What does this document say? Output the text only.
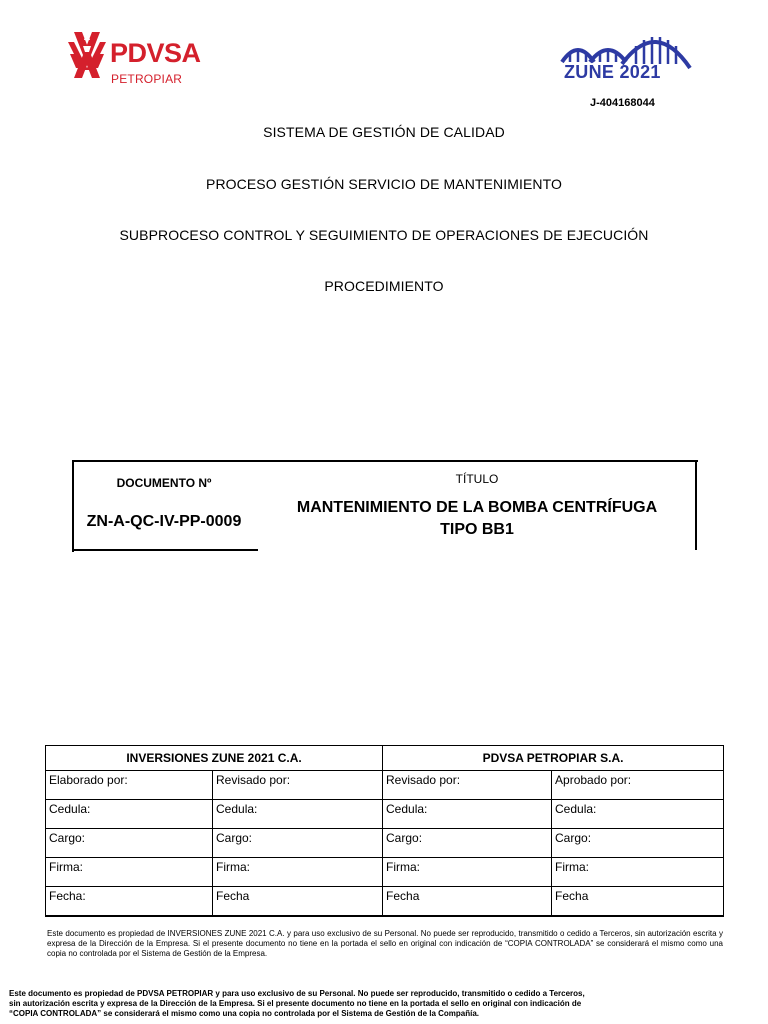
PDVSA
PETROPIAR	ZUNE 2021
J-404168044
SISTEMA DE GESTIÓN DE CALIDAD
PROCESO GESTIÓN SERVICIO DE MANTENIMIENTO
SUBPROCESO CONTROL Y SEGUIMIENTO DE OPERACIONES DE EJECUCIÓN
PROCEDIMIENTO
DOCUMENTO Nº
ZN-A-QC-IV-PP-0009
TÍTULO
MANTENIMIENTO DE LA BOMBA CENTRÍFUGA
TIPO BB1
INVERSIONES ZUNE 2021 C.A.		PDVSA PETROPIAR S.A.	
Elaborado por:	Revisado por:	Revisado por:	Aprobado por:
Cedula:	Cedula:	Cedula:	Cedula:
Cargo:	Cargo:	Cargo:	Cargo:
Firma:	Firma:	Firma:	Firma:
Fecha:	Fecha	Fecha	Fecha
Este documento es propiedad de INVERSIONES ZUNE 2021 C.A. y para uso exclusivo de su Personal. No puede ser reproducido, transmitido o cedido a Terceros, sin autorización escrita y expresa de la Dirección de la Empresa. Si el presente documento no tiene en la portada el sello en original con indicación de “COPIA CONTROLADA” se considerará el mismo como una copia no controlada por el Sistema de Gestión de la Empresa.
Este documento es propiedad de PDVSA PETROPIAR y para uso exclusivo de su Personal. No puede ser reproducido, transmitido o cedido a Terceros,
sin autorización escrita y expresa de la Dirección de la Empresa. Si el presente documento no tiene en la portada el sello en original con indicación de
“COPIA CONTROLADA” se considerará el mismo como una copia no controlada por el Sistema de Gestión de la Compañía.
